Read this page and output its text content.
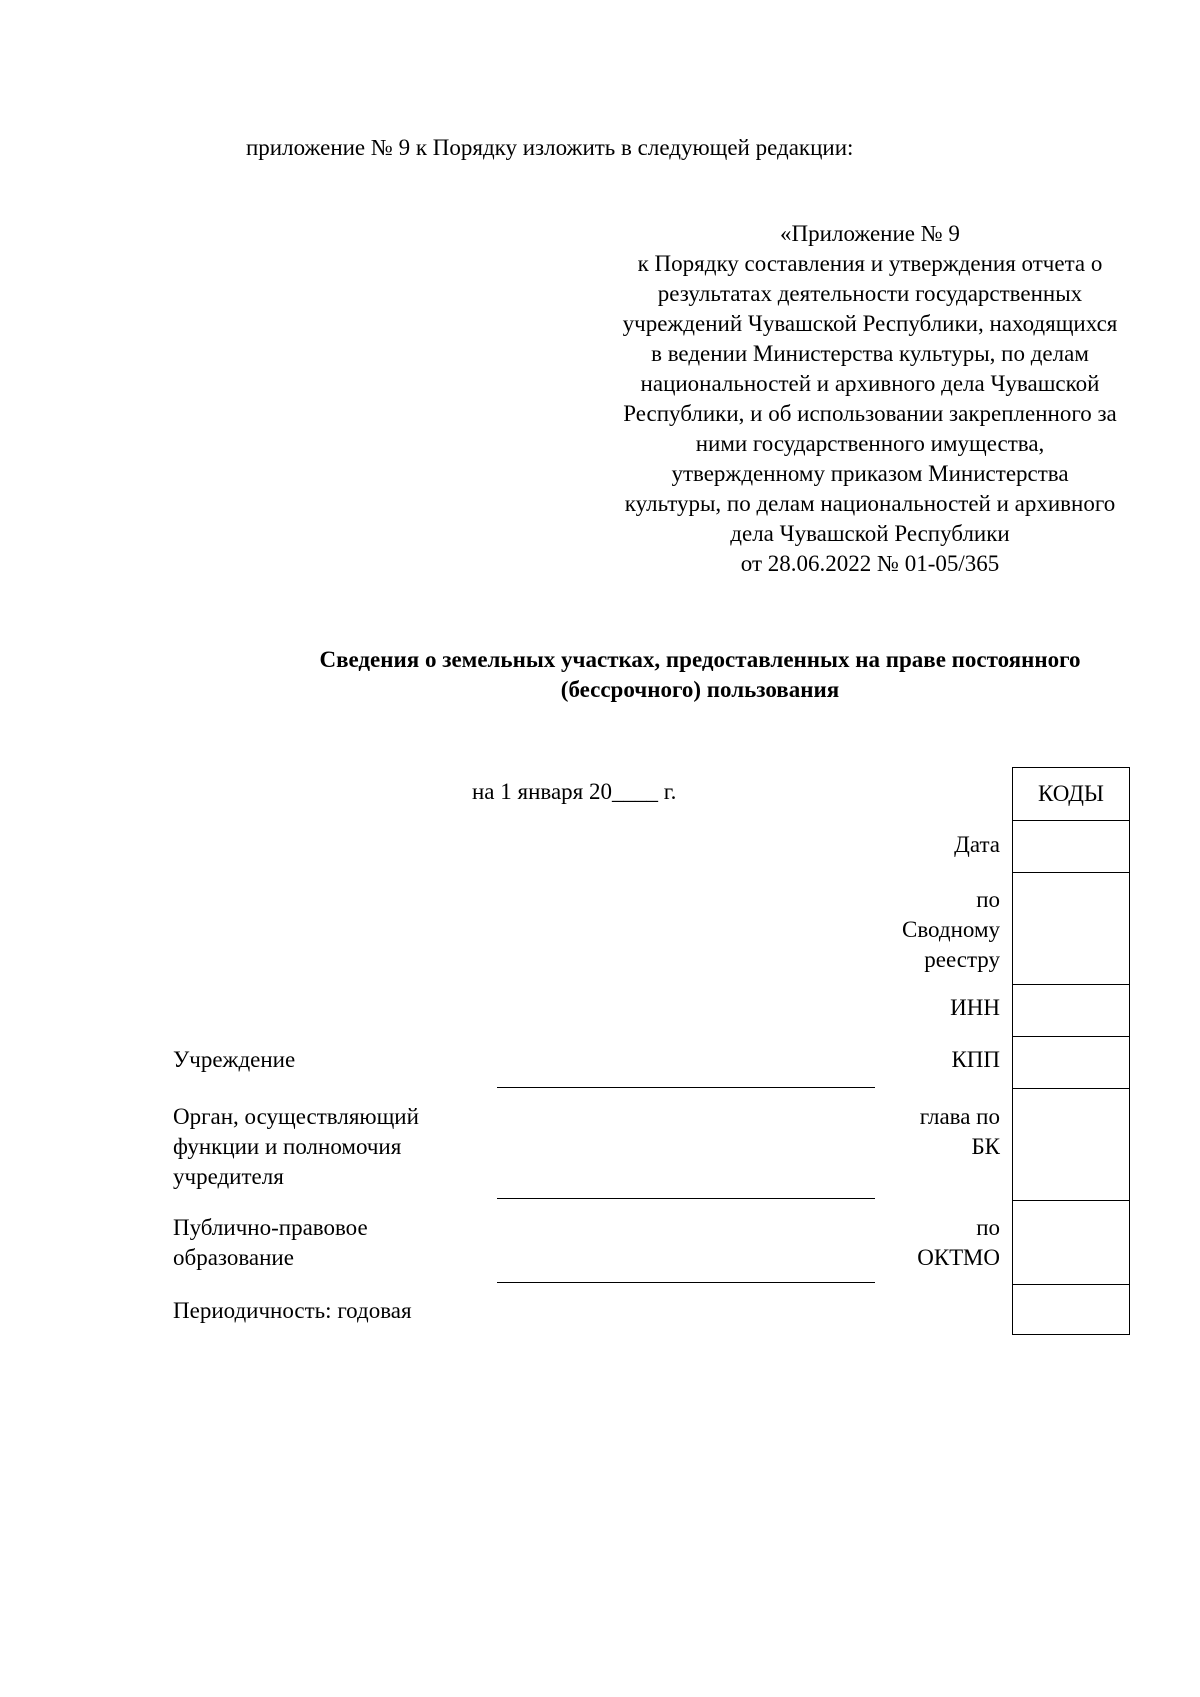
приложение № 9 к Порядку изложить в следующей редакции:
«Приложение № 9
к Порядку составления и утверждения отчета о
результатах деятельности государственных
учреждений Чувашской Республики, находящихся
в ведении Министерства культуры, по делам
национальностей и архивного дела Чувашской
Республики, и об использовании закрепленного за
ними государственного имущества,
утвержденному приказом Министерства
культуры, по делам национальностей и архивного
дела Чувашской Республики
от 28.06.2022 № 01-05/365
Сведения о земельных участках, предоставленных на праве постоянного
(бессрочного) пользования
на 1 января 20____ г.
Дата
по
Сводному
реестру
ИНН
КПП
глава по
БК
по
ОКТМО
Учреждение
Орган, осуществляющий
функции и полномочия
учредителя
Публично-правовое
образование
Периодичность: годовая
КОДЫ
